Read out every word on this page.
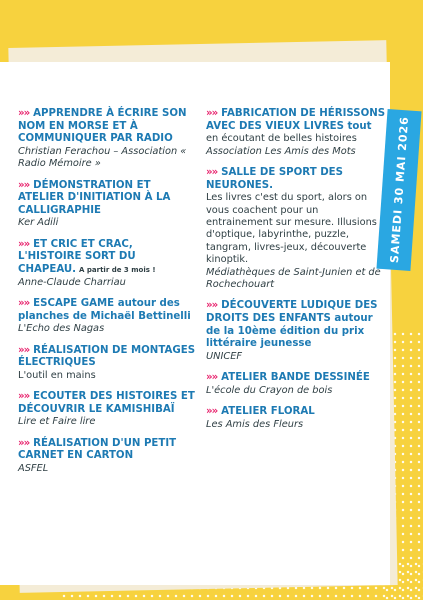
SAMEDI 30 MAI 2026
»» APPRENDRE À ÉCRIRE SON NOM EN MORSE ET À COMMUNIQUER PAR RADIO
Christian Ferachou – Association « Radio Mémoire »
»» DÉMONSTRATION ET ATELIER D'INITIATION À LA CALLIGRAPHIE
Ker Adili
»» ET CRIC ET CRAC, L'HISTOIRE SORT DU CHAPEAU. A partir de 3 mois !
Anne-Claude Charriau
»» ESCAPE GAME autour des planches de Michaël Bettinelli
L'Echo des Nagas
»» RÉALISATION DE MONTAGES ÉLECTRIQUES
L'outil en mains
»» ECOUTER DES HISTOIRES ET DÉCOUVRIR LE KAMISHIBAÏ
Lire et Faire lire
»» RÉALISATION D'UN PETIT CARNET EN CARTON
ASFEL
»» FABRICATION DE HÉRISSONS AVEC DES VIEUX LIVRES tout
en écoutant de belles histoires
Association Les Amis des Mots
»» SALLE DE SPORT DES NEURONES.
Les livres c'est du sport, alors on vous coachent pour un entrainement sur mesure. Illusions d'optique, labyrinthe, puzzle, tangram, livres-jeux, découverte kinoptik.
Médiathèques de Saint-Junien et de Rochechouart
»» DÉCOUVERTE LUDIQUE DES DROITS DES ENFANTS autour de la 10ème édition du prix littéraire jeunesse
UNICEF
»» ATELIER BANDE DESSINÉE
L'école du Crayon de bois
»» ATELIER FLORAL
Les Amis des Fleurs
